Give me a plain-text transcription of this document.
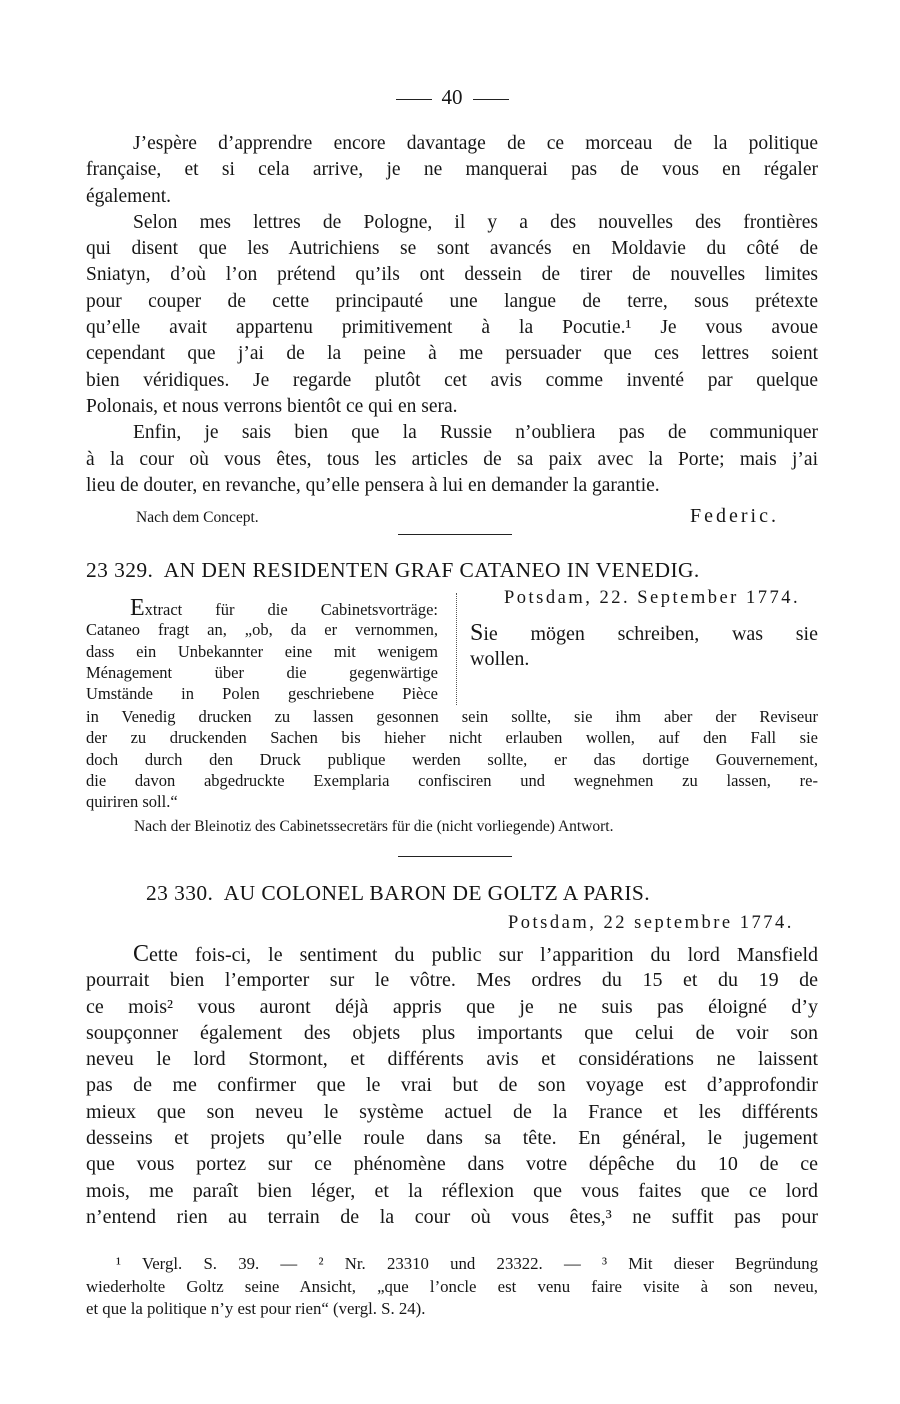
40
J’espère d’apprendre encore davantage de ce morceau de la politique
française, et si cela arrive, je ne manquerai pas de vous en régaler
également.
Selon mes lettres de Pologne, il y a des nouvelles des frontières
qui disent que les Autrichiens se sont avancés en Moldavie du côté de
Sniatyn, d’où l’on prétend qu’ils ont dessein de tirer de nouvelles limites
pour couper de cette principauté une langue de terre, sous prétexte
qu’elle avait appartenu primitivement à la Pocutie.¹ Je vous avoue
cependant que j’ai de la peine à me persuader que ces lettres soient
bien véridiques. Je regarde plutôt cet avis comme inventé par quelque
Polonais, et nous verrons bientôt ce qui en sera.
Enfin, je sais bien que la Russie n’oubliera pas de communiquer
à la cour où vous êtes, tous les articles de sa paix avec la Porte; mais j’ai
lieu de douter, en revanche, qu’elle pensera à lui en demander la garantie.
Nach dem Concept.	Federic.
23 329. AN DEN RESIDENTEN GRAF CATANEO IN VENEDIG.
Potsdam, 22. September 1774.
Extract für die Cabinetsvorträge:
Cataneo fragt an, „ob, da er vernommen,
dass ein Unbekannter eine mit wenigem
Ménagement über die gegenwärtige
Umstände in Polen geschriebene Pièce
Sie mögen schreiben, was sie
wollen.
in Venedig drucken zu lassen gesonnen sein sollte, sie ihm aber der Reviseur
der zu druckenden Sachen bis hieher nicht erlauben wollen, auf den Fall sie
doch durch den Druck publique werden sollte, er das dortige Gouvernement,
die davon abgedruckte Exemplaria confisciren und wegnehmen zu lassen, re-
quiriren soll.“
Nach der Bleinotiz des Cabinetssecretärs für die (nicht vorliegende) Antwort.
23 330. AU COLONEL BARON DE GOLTZ A PARIS.
Potsdam, 22 septembre 1774.
Cette fois-ci, le sentiment du public sur l’apparition du lord Mansfield
pourrait bien l’emporter sur le vôtre. Mes ordres du 15 et du 19 de
ce mois² vous auront déjà appris que je ne suis pas éloigné d’y
soupçonner également des objets plus importants que celui de voir son
neveu le lord Stormont, et différents avis et considérations ne laissent
pas de me confirmer que le vrai but de son voyage est d’approfondir
mieux que son neveu le système actuel de la France et les différents
desseins et projets qu’elle roule dans sa tête. En général, le jugement
que vous portez sur ce phénomène dans votre dépêche du 10 de ce
mois, me paraît bien léger, et la réflexion que vous faites que ce lord
n’entend rien au terrain de la cour où vous êtes,³ ne suffit pas pour
¹ Vergl. S. 39. — ² Nr. 23310 und 23322. — ³ Mit dieser Begründung
wiederholte Goltz seine Ansicht, „que l’oncle est venu faire visite à son neveu,
et que la politique n’y est pour rien“ (vergl. S. 24).
